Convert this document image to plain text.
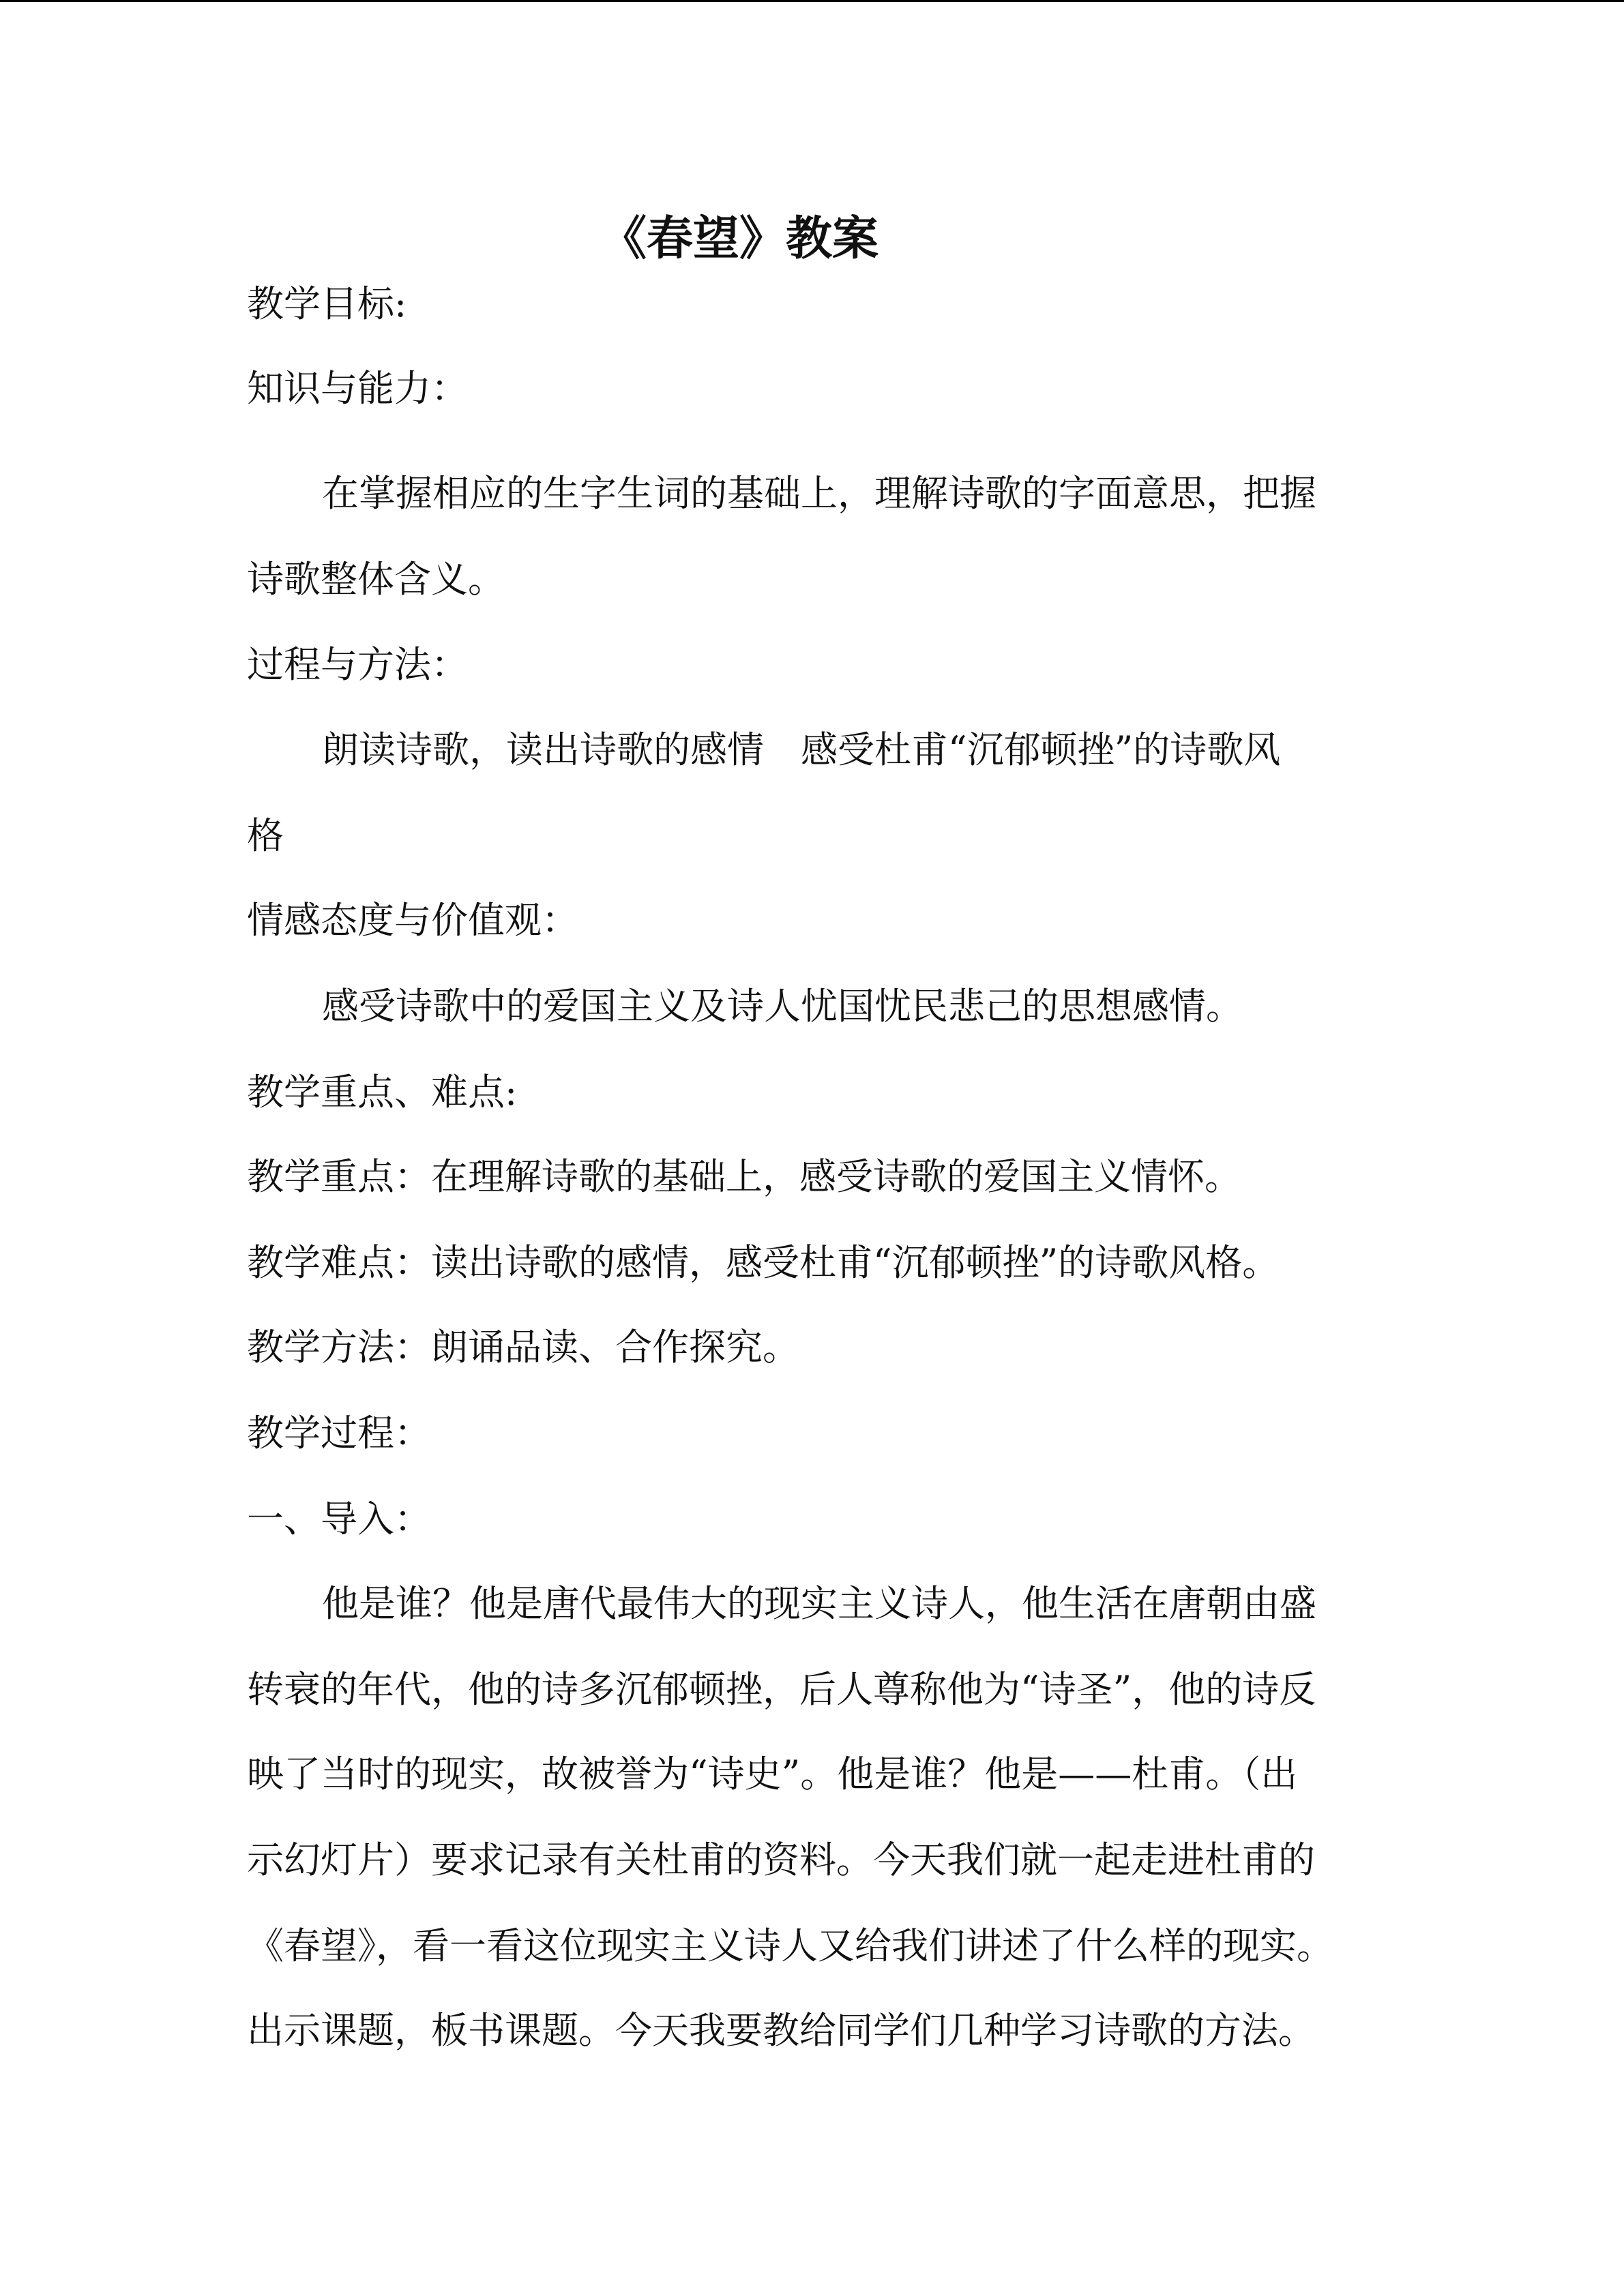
《春望》教案
教学目标:
知识与能力：
在掌握相应的生字生词的基础上，理解诗歌的字面意思，把握
诗歌整体含义。
过程与方法：
朗读诗歌，读出诗歌的感情　感受杜甫“沉郁顿挫”的诗歌风
格
情感态度与价值观：
感受诗歌中的爱国主义及诗人忧国忧民悲己的思想感情。
教学重点、难点:
教学重点：在理解诗歌的基础上，感受诗歌的爱国主义情怀。
教学难点：读出诗歌的感情，感受杜甫“沉郁顿挫”的诗歌风格。
教学方法：朗诵品读、合作探究。
教学过程：
一、导入：
他是谁？他是唐代最伟大的现实主义诗人，他生活在唐朝由盛
转衰的年代，他的诗多沉郁顿挫，后人尊称他为“诗圣”，他的诗反
映了当时的现实，故被誉为“诗史”。他是谁？他是——杜甫。（出
示幻灯片）要求记录有关杜甫的资料。今天我们就一起走进杜甫的
《春望》，看一看这位现实主义诗人又给我们讲述了什么样的现实。
出示课题，板书课题。今天我要教给同学们几种学习诗歌的方法。
